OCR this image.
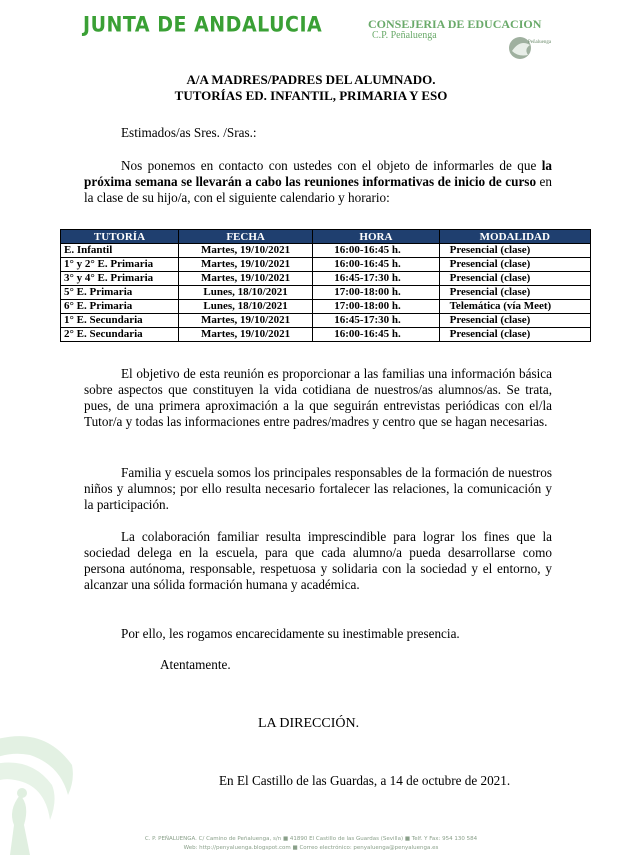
JUNTA DE ANDALUCIA	CONSEJERIA DE EDUCACION
C.P. Peñaluenga
Peñaluenga
A/A MADRES/PADRES DEL ALUMNADO.
TUTORÍAS ED. INFANTIL, PRIMARIA Y ESO
Estimados/as Sres. /Sras.:
Nos ponemos en contacto con ustedes con el objeto de informarles de que la próxima semana se llevarán a cabo las reuniones informativas de inicio de curso en la clase de su hijo/a, con el siguiente calendario y horario:
TUTORÍA	FECHA	HORA	MODALIDAD
E. Infantil	Martes, 19/10/2021	16:00-16:45 h.	Presencial (clase)
1° y 2° E. Primaria	Martes, 19/10/2021	16:00-16:45 h.	Presencial (clase)
3° y 4° E. Primaria	Martes, 19/10/2021	16:45-17:30 h.	Presencial (clase)
5° E. Primaria	Lunes, 18/10/2021	17:00-18:00 h.	Presencial (clase)
6° E. Primaria	Lunes, 18/10/2021	17:00-18:00 h.	Telemática (vía Meet)
1° E. Secundaria	Martes, 19/10/2021	16:45-17:30 h.	Presencial (clase)
2° E. Secundaria	Martes, 19/10/2021	16:00-16:45 h.	Presencial (clase)
El objetivo de esta reunión es proporcionar a las familias una información básica sobre aspectos que constituyen la vida cotidiana de nuestros/as alumnos/as. Se trata, pues, de una primera aproximación a la que seguirán entrevistas periódicas con el/la Tutor/a y todas las informaciones entre padres/madres y centro que se hagan necesarias.
Familia y escuela somos los principales responsables de la formación de nuestros niños y alumnos; por ello resulta necesario fortalecer las relaciones, la comunicación y la participación.
La colaboración familiar resulta imprescindible para lograr los fines que la sociedad delega en la escuela, para que cada alumno/a pueda desarrollarse como persona autónoma, responsable, respetuosa y solidaria con la sociedad y el entorno, y alcanzar una sólida formación humana y académica.
Por ello, les rogamos encarecidamente su inestimable presencia.
Atentamente.
LA DIRECCIÓN.
En El Castillo de las Guardas, a 14 de octubre de 2021.
C. P. PEÑALUENGA. C/ Camino de Peñaluenga, s/n ■ 41890 El Castillo de las Guardas (Sevilla) ■ Telf. Y Fax: 954 130 584
Web: http://penyaluenga.blogspot.com ■ Correo electrónico: penyaluenga@penyaluenga.es
